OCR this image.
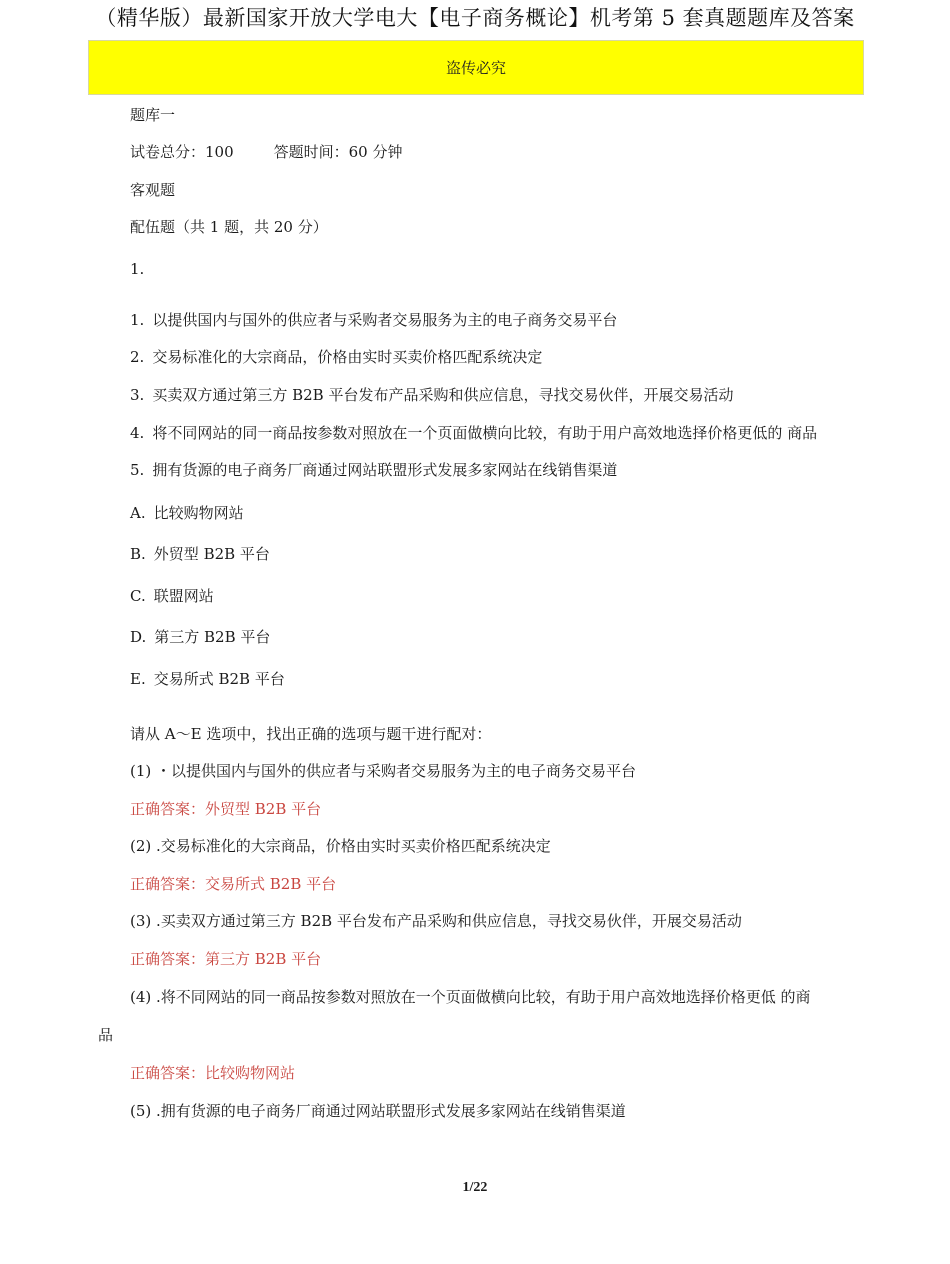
（精华版）最新国家开放大学电大【电子商务概论】机考第 5 套真题题库及答案
盗传必究
题库一
试卷总分：100	答题时间：60 分钟
客观题
配伍题（共 1 题，共 20 分）
1.
1. 以提供国内与国外的供应者与采购者交易服务为主的电子商务交易平台
2. 交易标准化的大宗商品，价格由实时买卖价格匹配系统决定
3. 买卖双方通过第三方 B2B 平台发布产品采购和供应信息，寻找交易伙伴，开展交易活动
4. 将不同网站的同一商品按参数对照放在一个页面做横向比较，有助于用户高效地选择价格更低的 商品
5. 拥有货源的电子商务厂商通过网站联盟形式发展多家网站在线销售渠道
A. 比较购物网站
B. 外贸型 B2B 平台
C. 联盟网站
D. 第三方 B2B 平台
E. 交易所式 B2B 平台
请从 A〜E 选项中，找出正确的选项与题干进行配对：
(1) ・以提供国内与国外的供应者与采购者交易服务为主的电子商务交易平台
正确答案：外贸型 B2B 平台
(2) .交易标准化的大宗商品，价格由实时买卖价格匹配系统决定
正确答案：交易所式 B2B 平台
(3) .买卖双方通过第三方 B2B 平台发布产品采购和供应信息，寻找交易伙伴，开展交易活动
正确答案：第三方 B2B 平台
(4) .将不同网站的同一商品按参数对照放在一个页面做横向比较，有助于用户高效地选择价格更低 的商
品
正确答案：比较购物网站
(5) .拥有货源的电子商务厂商通过网站联盟形式发展多家网站在线销售渠道
1/22
